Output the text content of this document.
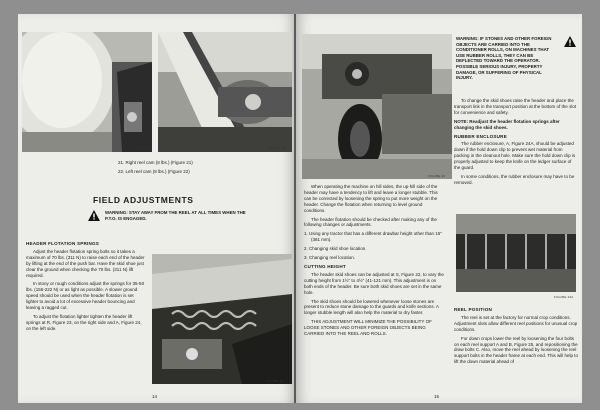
FIGURE 21	FIGURE 22

21. Right reel cam (8 lbs.) (Figure 21)

22. Left reel cam (8 lbs.) (Figure 22)

FIELD ADJUSTMENTS
WARNING: STAY AWAY FROM THE REEL AT ALL TIMES WHEN THE P.T.O. IS ENGAGED.
HEADER FLOTATION SPRINGS

Adjust the header flotation spring bolts so it takes a maximum of 70 lbs. (311 N) to raise each end of the header by lifting at the end of the push bar. Have the skid shoe just clear the ground when checking the 70 lbs. (311 N) lift required.

In stony or rough conditions adjust the springs for 35-50 lbs. (156-222 N) or as light as possible. A slower ground speed should be used when the header flotation is set lighter to avoid a lot of excessive header bouncing and leaving a ragged cut.

To adjust the flotation lighter tighten the header lift springs at R, Figure 23, on the right side and A, Figure 24, on the left side.

FIGURE 23
14
FIGURE 24
WARNING: IF STONES AND OTHER FOREIGN OBJECTS ARE CARRIED INTO THE CONDITIONER ROLLS, ON MACHINES THAT USE RUBBER ROLLS, THEY CAN BE DEFLECTED TOWARD THE OPERATOR. POSSIBLE SERIOUS INJURY, PROPERTY DAMAGE, OR SUFFERING OF PHYSICAL INJURY.

When operating the machine on hill sides, the up-hill side of the header may have a tendency to lift and leave a longer stubble. This can be corrected by loosening the spring to put more weight on the header. Change the flotation when returning to level ground conditions.

The header flotation should be checked after making any of the following changes or adjustments.

1. Using any tractor that has a different drawbar height other than 15" (381 mm).
2. Changing skid shoe location.
3. Changing reel location.
CUTTING HEIGHT

The header skid shoes can be adjusted at S, Figure 22, to vary the cutting height from 1½" to 4½" (41-121 mm). This adjustment is on both ends of the header. Be sure both skid shoes are set in the same hole.

The skid shoes should be lowered whenever loose stones are present to reduce stone damage to the guards and knife sections. A longer stubble length will also help the material to dry faster.

THIS ADJUSTMENT WILL MINIMIZE THE POSSIBILITY OF LOOSE STONES AND OTHER FOREIGN OBJECTS BEING CARRIED INTO THE REEL AND ROLLS.

To change the skid shoes raise the header and place the transport link in the transport position at the bottom of the slot for convenience and safety.

NOTE: Readjust the header flotation springs after changing the skid shoes.

RUBBER ENCLOSURE

The rubber enclosure, A, Figure 24A, should be adjusted down if the hold down clip to prevent wet material from packing in the cleanout hole. Make sure the hold down clip is properly adjusted to keep the knife on the ledger surface of the guard.

In some conditions, the rubber enclosure may have to be removed.

FIGURE 24A
REEL POSITION

The reel is set at the factory for normal crop conditions. Adjustment slots allow different reel positions for unusual crop conditions.

For down crops lower the reel by loosening the four bolts on each reel support A and B, Figure 25, and repositioning the draw bolts C. Also, move the reel ahead by loosening the reel support bolts in the header frame at each end. This will help to lift the down material ahead of

15
